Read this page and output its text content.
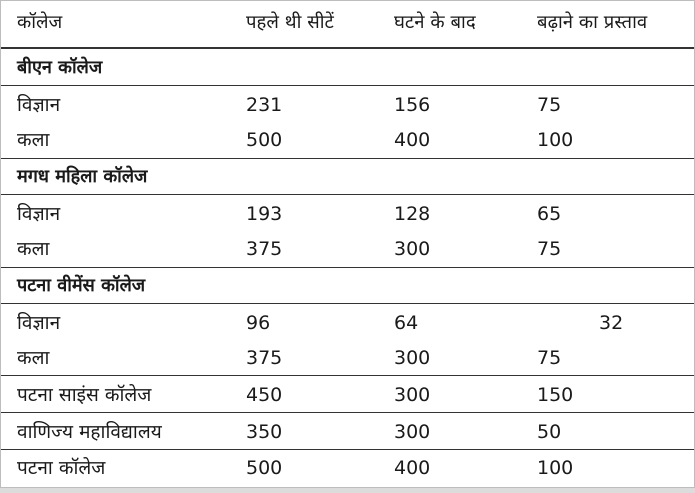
कॉलेज	पहले थी सीटें	घटने के बाद	बढ़ाने का प्रस्ताव
बीएन कॉलेज
विज्ञान	231	156	75
कला	500	400	100
मगध महिला कॉलेज
विज्ञान	193	128	65
कला	375	300	75
पटना वीमेंस कॉलेज
विज्ञान	96	64	32
कला	375	300	75
पटना साइंस कॉलेज	450	300	150
वाणिज्य महाविद्यालय	350	300	50
पटना कॉलेज	500	400	100
